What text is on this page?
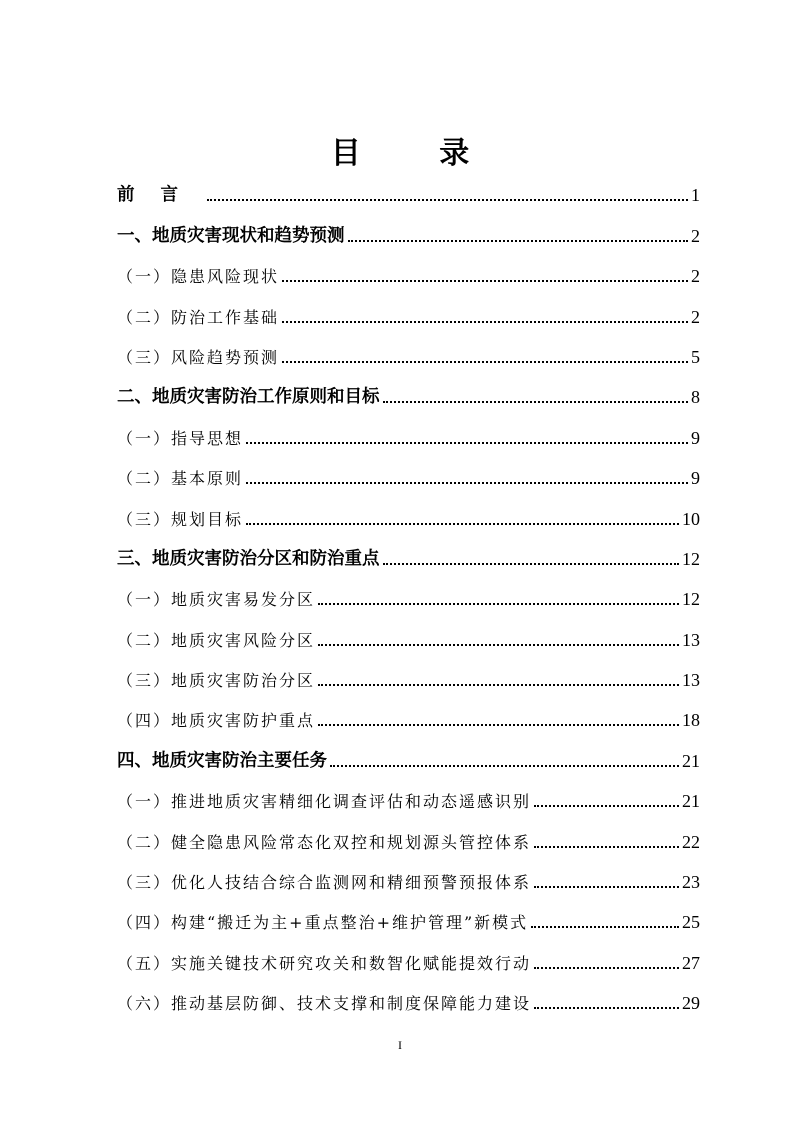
目 录
前言	1
一、地质灾害现状和趋势预测	2
（一）隐患风险现状	2
（二）防治工作基础	2
（三）风险趋势预测	5
二、地质灾害防治工作原则和目标	8
（一）指导思想	9
（二）基本原则	9
（三）规划目标	10
三、地质灾害防治分区和防治重点	12
（一）地质灾害易发分区	12
（二）地质灾害风险分区	13
（三）地质灾害防治分区	13
（四）地质灾害防护重点	18
四、地质灾害防治主要任务	21
（一）推进地质灾害精细化调查评估和动态遥感识别	21
（二）健全隐患风险常态化双控和规划源头管控体系	22
（三）优化人技结合综合监测网和精细预警预报体系	23
（四）构建“搬迁为主+重点整治+维护管理”新模式	25
（五）实施关键技术研究攻关和数智化赋能提效行动	27
（六）推动基层防御、技术支撑和制度保障能力建设	29
I
